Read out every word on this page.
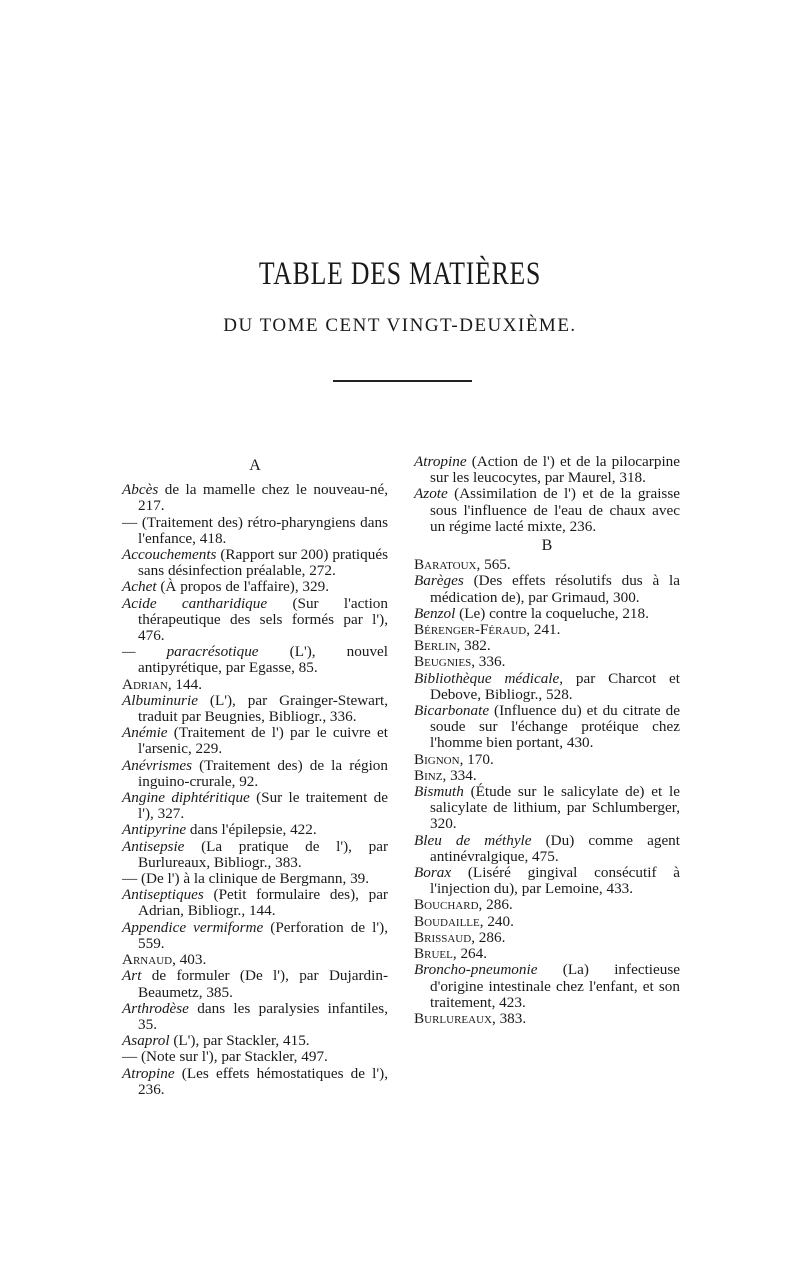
TABLE DES MATIÈRES
DU TOME CENT VINGT-DEUXIÈME.
A

Abcès de la mamelle chez le nouveau-né, 217.

— (Traitement des) rétro-pharyngiens dans l'enfance, 418.

Accouchements (Rapport sur 200) pratiqués sans désinfection préalable, 272.

Achet (À propos de l'affaire), 329.

Acide cantharidique (Sur l'action thérapeutique des sels formés par l'), 476.

— paracrésotique (L'), nouvel antipyrétique, par Egasse, 85.

Adrian, 144.

Albuminurie (L'), par Grainger-Stewart, traduit par Beugnies, Bibliogr., 336.

Anémie (Traitement de l') par le cuivre et l'arsenic, 229.

Anévrismes (Traitement des) de la région inguino-crurale, 92.

Angine diphtéritique (Sur le traitement de l'), 327.

Antipyrine dans l'épilepsie, 422.

Antisepsie (La pratique de l'), par Burlureaux, Bibliogr., 383.

— (De l') à la clinique de Bergmann, 39.

Antiseptiques (Petit formulaire des), par Adrian, Bibliogr., 144.

Appendice vermiforme (Perforation de l'), 559.

Arnaud, 403.

Art de formuler (De l'), par Dujardin-Beaumetz, 385.

Arthrodèse dans les paralysies infantiles, 35.

Asaprol (L'), par Stackler, 415.

— (Note sur l'), par Stackler, 497.

Atropine (Les effets hémostatiques de l'), 236.

Atropine (Action de l') et de la pilocarpine sur les leucocytes, par Maurel, 318.

Azote (Assimilation de l') et de la graisse sous l'influence de l'eau de chaux avec un régime lacté mixte, 236.

B

Baratoux, 565.

Barèges (Des effets résolutifs dus à la médication de), par Grimaud, 300.

Benzol (Le) contre la coqueluche, 218.

Bérenger-Féraud, 241.

Berlin, 382.

Beugnies, 336.

Bibliothèque médicale, par Charcot et Debove, Bibliogr., 528.

Bicarbonate (Influence du) et du citrate de soude sur l'échange protéique chez l'homme bien portant, 430.

Bignon, 170.

Binz, 334.

Bismuth (Étude sur le salicylate de) et le salicylate de lithium, par Schlumberger, 320.

Bleu de méthyle (Du) comme agent antinévralgique, 475.

Borax (Liséré gingival consécutif à l'injection du), par Lemoine, 433.

Bouchard, 286.

Boudaille, 240.

Brissaud, 286.

Bruel, 264.

Broncho-pneumonie (La) infectieuse d'origine intestinale chez l'enfant, et son traitement, 423.

Burlureaux, 383.
